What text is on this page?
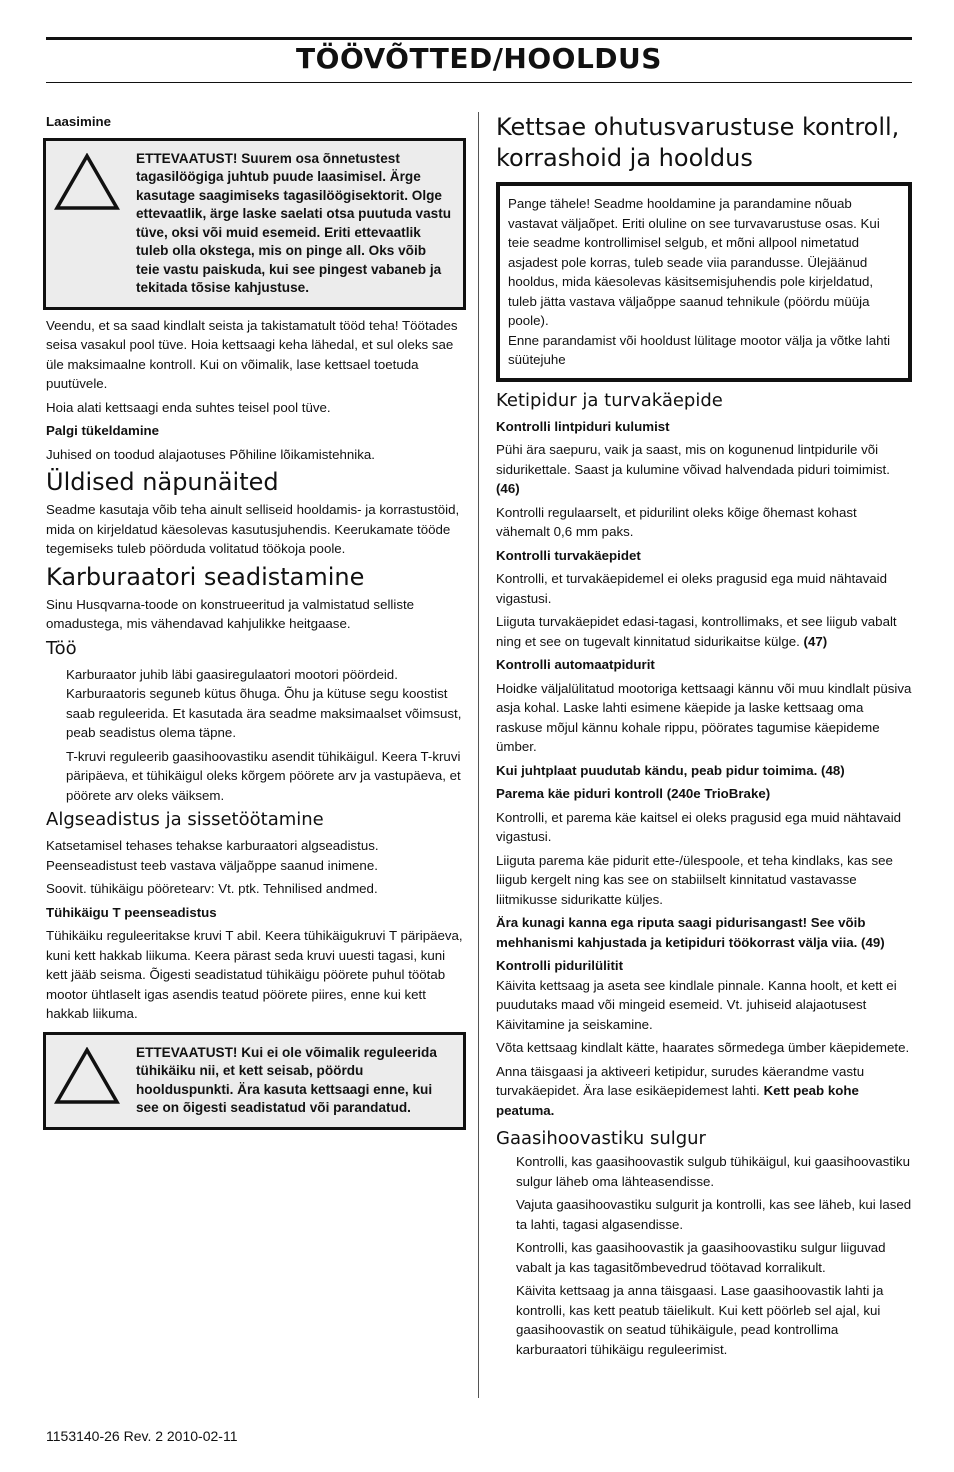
TÖÖVÕTTED/HOOLDUS

Laasimine

ETTEVAATUST! Suurem osa õnnetustest tagasilöögiga juhtub puude laasimisel. Ärge kasutage saagimiseks tagasilöögisektorit. Olge ettevaatlik, ärge laske saelati otsa puutuda vastu tüve, oksi või muid esemeid. Eriti ettevaatlik tuleb olla okstega, mis on pinge all. Oks võib teie vastu paiskuda, kui see pingest vabaneb ja tekitada tõsise kahjustuse.

Veendu, et sa saad kindlalt seista ja takistamatult tööd teha! Töötades seisa vasakul pool tüve. Hoia kettsaagi keha lähedal, et sul oleks sae üle maksimaalne kontroll. Kui on võimalik, lase kettsael toetuda puutüvele.

Hoia alati kettsaagi enda suhtes teisel pool tüve.

Palgi tükeldamine

Juhised on toodud alajaotuses Põhiline lõikamistehnika.

Üldised näpunäited

Seadme kasutaja võib teha ainult selliseid hooldamis- ja korrastustöid, mida on kirjeldatud käesolevas kasutusjuhendis. Keerukamate tööde tegemiseks tuleb pöörduda volitatud töökoja poole.

Karburaatori seadistamine

Sinu Husqvarna-toode on konstrueeritud ja valmistatud selliste omadustega, mis vähendavad kahjulikke heitgaase.

Töö

Karburaator juhib läbi gaasiregulaatori mootori pöördeid. Karburaatoris seguneb kütus õhuga. Õhu ja kütuse segu koostist saab reguleerida. Et kasutada ära seadme maksimaalset võimsust, peab seadistus olema täpne.

T-kruvi reguleerib gaasihoovastiku asendit tühikäigul. Keera T-kruvi päripäeva, et tühikäigul oleks kõrgem pöörete arv ja vastupäeva, et pöörete arv oleks väiksem.

Algseadistus ja sissetöötamine

Katsetamisel tehases tehakse karburaatori algseadistus. Peenseadistust teeb vastava väljaõppe saanud inimene.

Soovit. tühikäigu pööretearv: Vt. ptk. Tehnilised andmed.

Tühikäigu T peenseadistus

Tühikäiku reguleeritakse kruvi T abil. Keera tühikäigukruvi T päripäeva, kuni kett hakkab liikuma. Keera pärast seda kruvi uuesti tagasi, kuni kett jääb seisma. Õigesti seadistatud tühikäigu pöörete puhul töötab mootor ühtlaselt igas asendis teatud pöörete piires, enne kui kett hakkab liikuma.

ETTEVAATUST! Kui ei ole võimalik reguleerida tühikäiku nii, et kett seisab, pöördu hoolduspunkti. Ära kasuta kettsaagi enne, kui see on õigesti seadistatud või parandatud.

Kettsae ohutusvarustuse kontroll, korrashoid ja hooldus

Pange tähele! Seadme hooldamine ja parandamine nõuab vastavat väljaõpet. Eriti oluline on see turvavarustuse osas. Kui teie seadme kontrollimisel selgub, et mõni allpool nimetatud asjadest pole korras, tuleb seade viia parandusse. Ülejäänud hooldus, mida käesolevas käsitsemisjuhendis pole kirjeldatud, tuleb jätta vastava väljaõppe saanud tehnikule (pöördu müüja poole).

Enne parandamist või hooldust lülitage mootor välja ja võtke lahti süütejuhe

Ketipidur ja turvakäepide

Kontrolli lintpiduri kulumist

Pühi ära saepuru, vaik ja saast, mis on kogunenud lintpidurile või sidurikettale. Saast ja kulumine võivad halvendada piduri toimimist. (46)

Kontrolli regulaarselt, et pidurilint oleks kõige õhemast kohast vähemalt 0,6 mm paks.

Kontrolli turvakäepidet

Kontrolli, et turvakäepidemel ei oleks pragusid ega muid nähtavaid vigastusi.

Liiguta turvakäepidet edasi-tagasi, kontrollimaks, et see liigub vabalt ning et see on tugevalt kinnitatud sidurikaitse külge. (47)

Kontrolli automaatpidurit

Hoidke väljalülitatud mootoriga kettsaagi kännu või muu kindlalt püsiva asja kohal. Laske lahti esimene käepide ja laske kettsaag oma raskuse mõjul kännu kohale rippu, pöörates tagumise käepideme ümber.

Kui juhtplaat puudutab kändu, peab pidur toimima. (48)

Parema käe piduri kontroll (240e TrioBrake)

Kontrolli, et parema käe kaitsel ei oleks pragusid ega muid nähtavaid vigastusi.

Liiguta parema käe pidurit ette-/ülespoole, et teha kindlaks, kas see liigub kergelt ning kas see on stabiilselt kinnitatud vastavasse liitmikusse sidurikatte küljes.

Ära kunagi kanna ega riputa saagi pidurisangast! See võib mehhanismi kahjustada ja ketipiduri töökorrast välja viia. (49)

Kontrolli pidurilülitit

Käivita kettsaag ja aseta see kindlale pinnale. Kanna hoolt, et kett ei puudutaks maad või mingeid esemeid. Vt. juhiseid alajaotusest Käivitamine ja seiskamine.

Võta kettsaag kindlalt kätte, haarates sõrmedega ümber käepidemete.

Anna täisgaasi ja aktiveeri ketipidur, surudes käerandme vastu turvakäepidet. Ära lase esikäepidemest lahti. Kett peab kohe peatuma.

Gaasihoovastiku sulgur

Kontrolli, kas gaasihoovastik sulgub tühikäigul, kui gaasihoovastiku sulgur läheb oma lähteasendisse.

Vajuta gaasihoovastiku sulgurit ja kontrolli, kas see läheb, kui lased ta lahti, tagasi algasendisse.

Kontrolli, kas gaasihoovastik ja gaasihoovastiku sulgur liiguvad vabalt ja kas tagasitõmbevedrud töötavad korralikult.

Käivita kettsaag ja anna täisgaasi. Lase gaasihoovastik lahti ja kontrolli, kas kett peatub täielikult. Kui kett pöörleb sel ajal, kui gaasihoovastik on seatud tühikäigule, pead kontrollima karburaatori tühikäigu reguleerimist.

1153140-26 Rev. 2 2010-02-11
